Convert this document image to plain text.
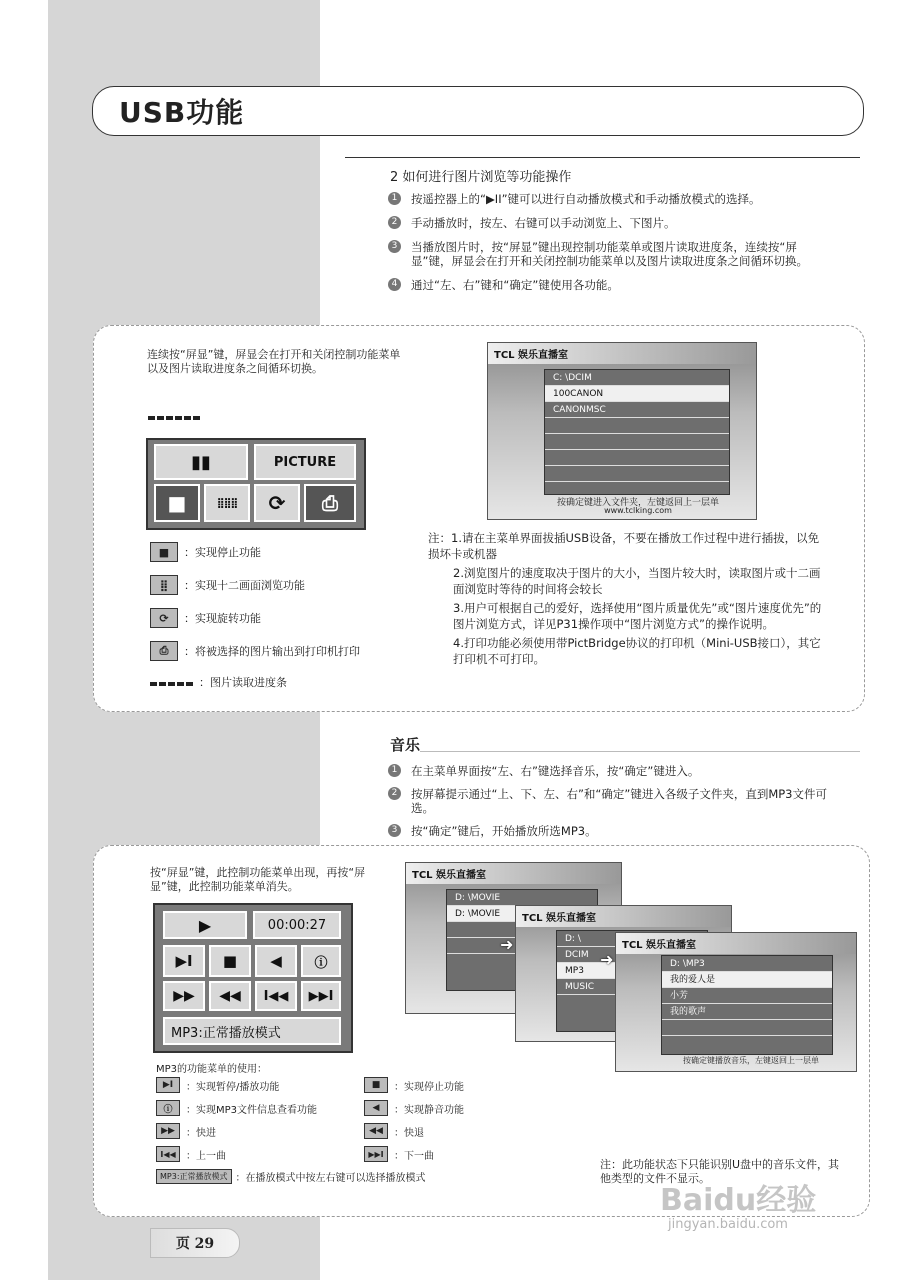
USB功能
2 如何进行图片浏览等功能操作
1	按遥控器上的“▶II”键可以进行自动播放模式和手动播放模式的选择。
2	手动播放时，按左、右键可以手动浏览上、下图片。
3	当播放图片时，按“屏显”键出现控制功能菜单或图片读取进度条，连续按“屏显”键，屏显会在打开和关闭控制功能菜单以及图片读取进度条之间循环切换。
4	通过“左、右”键和“确定”键使用各功能。
连续按“屏显”键，屏显会在打开和关闭控制功能菜单以及图片读取进度条之间循环切换。
▮▮	PICTURE
■	⣿⣿⣿	⟳	⎙
■	：实现停止功能
⣿	：实现十二画面浏览功能
⟳	：实现旋转功能
⎙	：将被选择的图片输出到打印机打印
：图片读取进度条
TCL 娱乐直播室
C: \DCIM
100CANON
CANONMSC
按确定键进入文件夹，左键返回上一层单
www.tclking.com
注：1.请在主菜单界面拔插USB设备，不要在播放工作过程中进行插拔，以免损坏卡或机器
2.浏览图片的速度取决于图片的大小，当图片较大时，读取图片或十二画面浏览时等待的时间将会较长
3.用户可根据自己的爱好，选择使用“图片质量优先”或“图片速度优先”的图片浏览方式，详见P31操作项中“图片浏览方式”的操作说明。
4.打印功能必须使用带PictBridge协议的打印机（Mini-USB接口），其它打印机不可打印。
音乐
1	在主菜单界面按“左、右”键选择音乐，按“确定”键进入。
2	按屏幕提示通过“上、下、左、右”和“确定”键进入各级子文件夹，直到MP3文件可选。
3	按“确定”键后，开始播放所选MP3。
按“屏显”键，此控制功能菜单出现，再按“屏显”键，此控制功能菜单消失。
▶	00:00:27
▶I	■	◀	ⓘ
▶▶	◀◀	I◀◀	▶▶I
MP3:正常播放模式
MP3的功能菜单的使用：
▶I	：实现暂停/播放功能
ⓘ	：实现MP3文件信息查看功能
▶▶	：快进
I◀◀	：上一曲
MP3:正常播放模式 ：在播放模式中按左右键可以选择播放模式
■	：实现停止功能
◀	：实现静音功能
◀◀	：快退
▶▶I	：下一曲
TCL 娱乐直播室
D: \MOVIE
D: \MOVIE	TCL 娱乐直播室
D: \
DCIM
MP3
MUSIC
TCL 娱乐直播室
D: \MP3
我的爱人是
小芳
我的歌声
按确定键播放音乐，左键返回上一层单
➜
➜
注：此功能状态下只能识别U盘中的音乐文件，其他类型的文件不显示。
页 29
Baidu经验
jingyan.baidu.com
